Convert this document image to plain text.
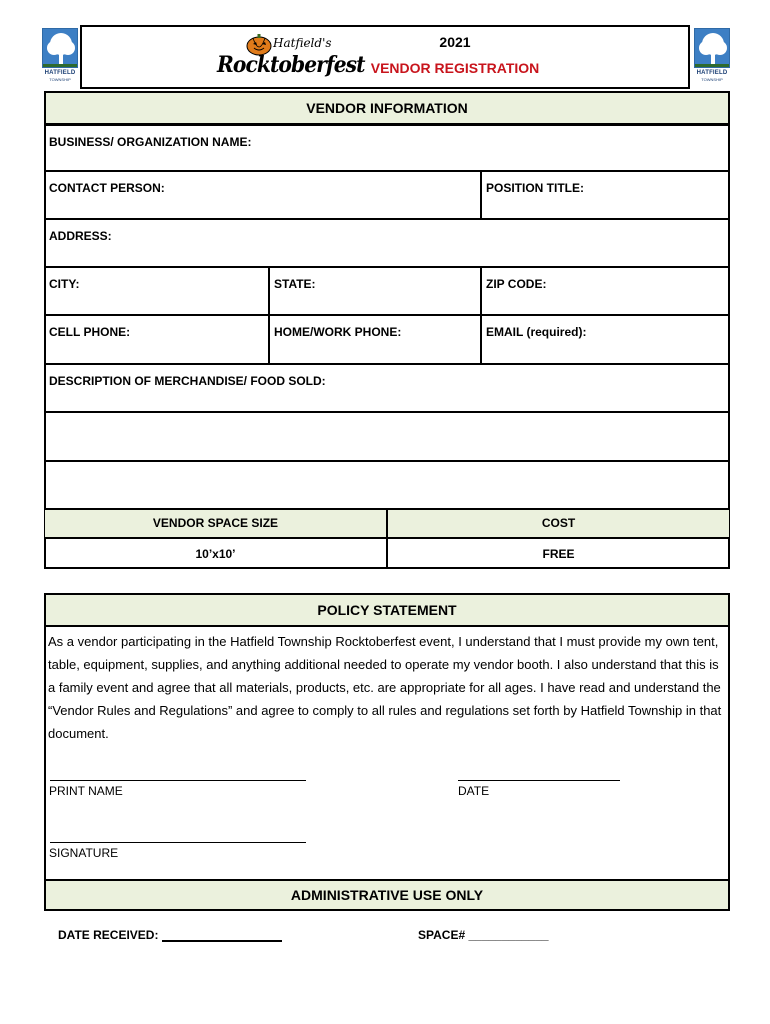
HATFIELD
TOWNSHIP
Hatfield's
Rocktoberfest
2021
VENDOR REGISTRATION	HATFIELD
TOWNSHIP
VENDOR INFORMATION
BUSINESS/ ORGANIZATION NAME:
CONTACT PERSON:	POSITION TITLE:
ADDRESS:
CITY:	STATE:	ZIP CODE:
CELL PHONE:	HOME/WORK PHONE:	EMAIL (required):
DESCRIPTION OF MERCHANDISE/ FOOD SOLD:
VENDOR SPACE SIZE	COST
10’x10’	FREE
POLICY STATEMENT
As a vendor participating in the Hatfield Township Rocktoberfest event, I understand that I must provide my own tent, table, equipment, supplies, and anything additional needed to operate my vendor booth. I also understand that this is a family event and agree that all materials, products, etc. are appropriate for all ages. I have read and understand the “Vendor Rules and Regulations” and agree to comply to all rules and regulations set forth by Hatfield Township in that document.
PRINT NAME	DATE
SIGNATURE
ADMINISTRATIVE USE ONLY
DATE RECEIVED:	SPACE# ____________
